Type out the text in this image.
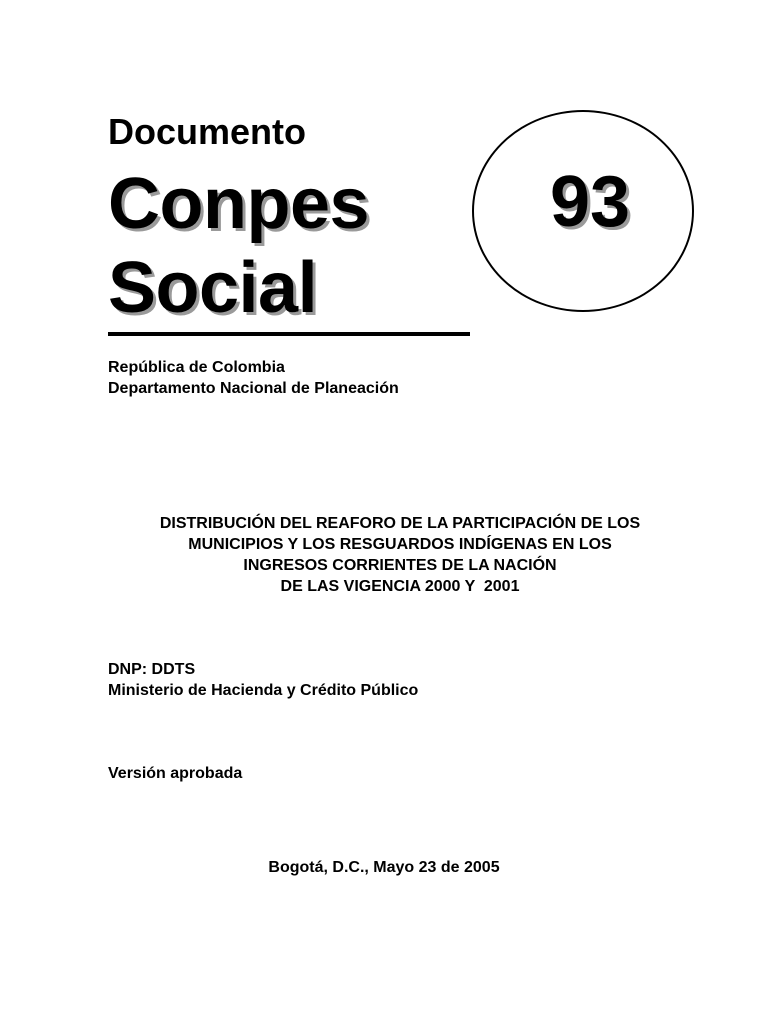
Documento
Conpes
Social
93
República de Colombia
Departamento Nacional de Planeación
DISTRIBUCIÓN DEL REAFORO DE LA PARTICIPACIÓN DE LOS
MUNICIPIOS Y LOS RESGUARDOS INDÍGENAS EN LOS
INGRESOS CORRIENTES DE LA NACIÓN
DE LAS VIGENCIA 2000 Y  2001
DNP: DDTS
Ministerio de Hacienda y Crédito Público
Versión aprobada
Bogotá, D.C., Mayo 23 de 2005
